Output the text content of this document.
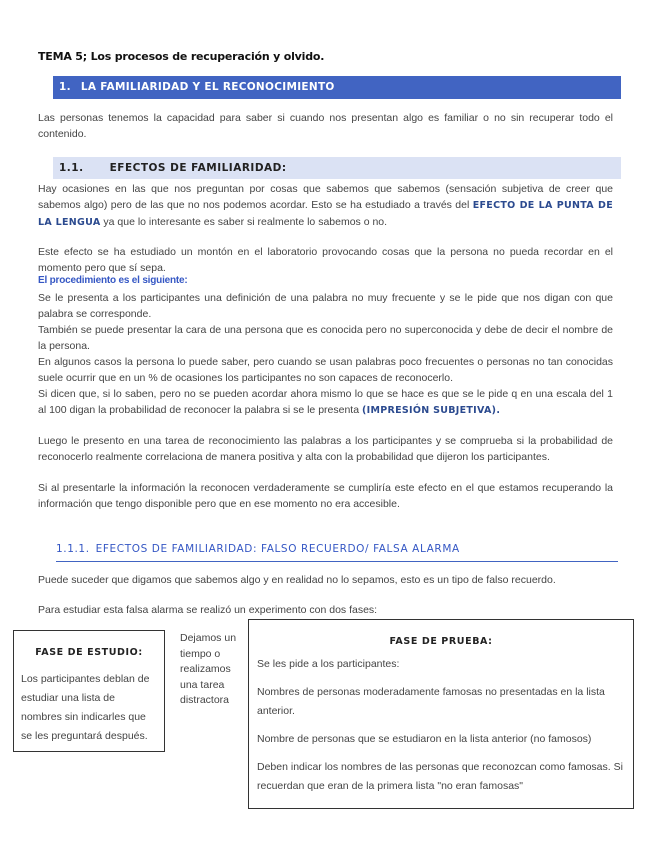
TEMA 5; Los procesos de recuperación y olvido.
1. LA FAMILIARIDAD Y EL RECONOCIMIENTO
Las personas tenemos la capacidad para saber si cuando nos presentan algo es familiar o no sin recuperar todo el contenido.
1.1. EFECTOS DE FAMILIARIDAD:
Hay ocasiones en las que nos preguntan por cosas que sabemos que sabemos (sensación subjetiva de creer que sabemos algo) pero de las que no nos podemos acordar. Esto se ha estudiado a través del EFECTO DE LA PUNTA DE LA LENGUA ya que lo interesante es saber si realmente lo sabemos o no.
Este efecto se ha estudiado un montón en el laboratorio provocando cosas que la persona no pueda recordar en el momento pero que sí sepa.
El procedimiento es el siguiente:
Se le presenta a los participantes una definición de una palabra no muy frecuente y se le pide que nos digan con que palabra se corresponde.
También se puede presentar la cara de una persona que es conocida pero no superconocida y debe de decir el nombre de la persona.
En algunos casos la persona lo puede saber, pero cuando se usan palabras poco frecuentes o personas no tan conocidas suele ocurrir que en un % de ocasiones los participantes no son capaces de reconocerlo.
Si dicen que, si lo saben, pero no se pueden acordar ahora mismo lo que se hace es que se le pide q en una escala del 1 al 100 digan la probabilidad de reconocer la palabra si se le presenta (IMPRESIÓN SUBJETIVA).
Luego le presento en una tarea de reconocimiento las palabras a los participantes y se comprueba si la probabilidad de reconocerlo realmente correlaciona de manera positiva y alta con la probabilidad que dijeron los participantes.
Si al presentarle la información la reconocen verdaderamente se cumpliría este efecto en el que estamos recuperando la información que tengo disponible pero que en ese momento no era accesible.
1.1.1. EFECTOS DE FAMILIARIDAD: FALSO RECUERDO/ FALSA ALARMA
Puede suceder que digamos que sabemos algo y en realidad no lo sepamos, esto es un tipo de falso recuerdo.
Para estudiar esta falsa alarma se realizó un experimento con dos fases:
FASE DE ESTUDIO:
Los participantes deblan de estudiar una lista de nombres sin indicarles que se les preguntará después.
Dejamos un tiempo o realizamos una tarea distractora
FASE DE PRUEBA:
Se les pide a los participantes:
Nombres de personas moderadamente famosas no presentadas en la lista anterior.
Nombre de personas que se estudiaron en la lista anterior (no famosos)
Deben indicar los nombres de las personas que reconozcan como famosas. Si recuerdan que eran de la primera lista "no eran famosas"
